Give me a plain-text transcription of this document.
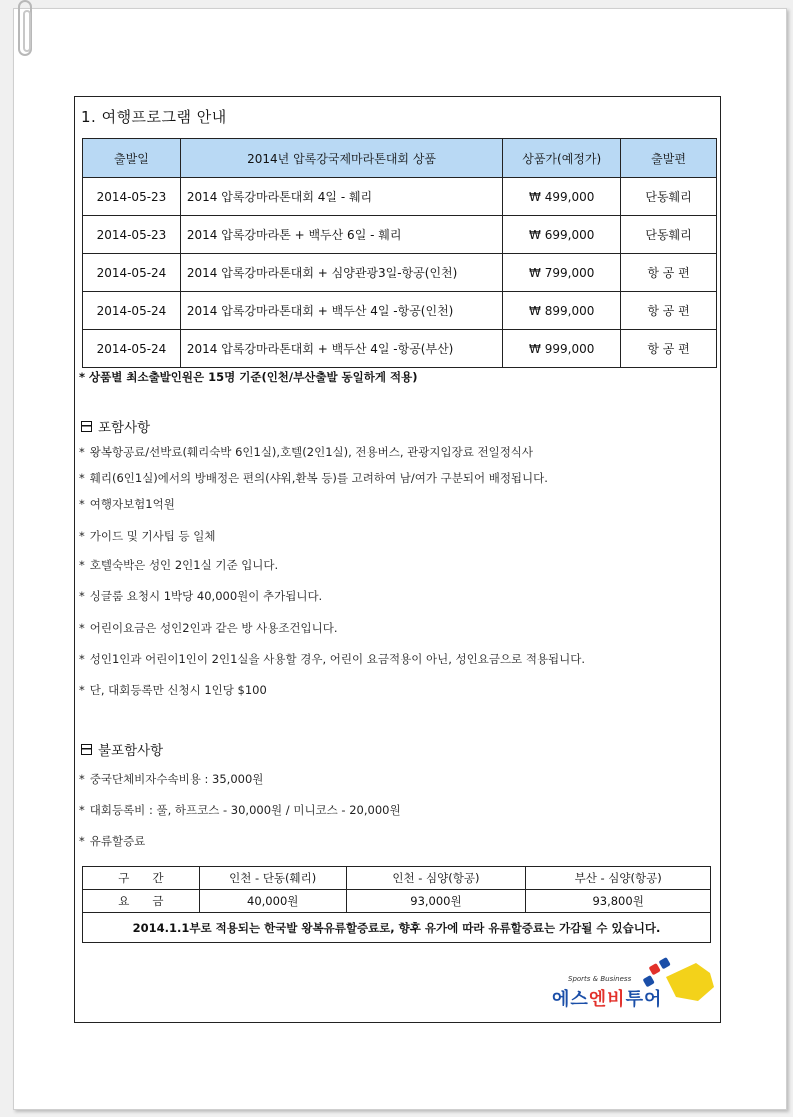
1. 여행프로그램 안내
출발일	2014년 압록강국제마라톤대회 상품	상품가(예정가)	출발편
2014-05-23	2014 압록강마라톤대회 4일 - 훼리	₩ 499,000	단동훼리
2014-05-23	2014 압록강마라톤 + 백두산 6일 - 훼리	₩ 699,000	단동훼리
2014-05-24	2014 압록강마라톤대회 + 심양관광3일-항공(인천)	₩ 799,000	항 공 편
2014-05-24	2014 압록강마라톤대회 + 백두산 4일 -항공(인천)	₩ 899,000	항 공 편
2014-05-24	2014 압록강마라톤대회 + 백두산 4일 -항공(부산)	₩ 999,000	항 공 편
* 상품별 최소출발인원은 15명 기준(인천/부산출발 동일하게 적용)
포함사항
* 왕복항공료/선박료(훼리숙박 6인1실),호텔(2인1실), 전용버스, 관광지입장료 전일정식사
* 훼리(6인1실)에서의 방배정은 편의(샤워,환복 등)를 고려하여 남/여가 구분되어 배정됩니다.
* 여행자보험1억원
* 가이드 및 기사팁 등 일체
* 호텔숙박은 성인 2인1실 기준 입니다.
* 싱글룸 요청시 1박당 40,000원이 추가됩니다.
* 어린이요금은 성인2인과 같은 방 사용조건입니다.
* 성인1인과 어린이1인이 2인1실을 사용할 경우, 어린이 요금적용이 아닌, 성인요금으로 적용됩니다.
* 단, 대회등록만 신청시 1인당 $100
불포함사항
* 중국단체비자수속비용 : 35,000원
* 대회등록비 : 풀, 하프코스 - 30,000원 / 미니코스 - 20,000원
* 유류할증료
구　　간	인천 - 단동(훼리)	인천 - 심양(항공)	부산 - 심양(항공)
요　　금	40,000원	93,000원	93,800원
2014.1.1부로 적용되는 한국발 왕복유류할증료로, 향후 유가에 따라 유류할증료는 가감될 수 있습니다.			
Sports & Business
에스엔비투어
